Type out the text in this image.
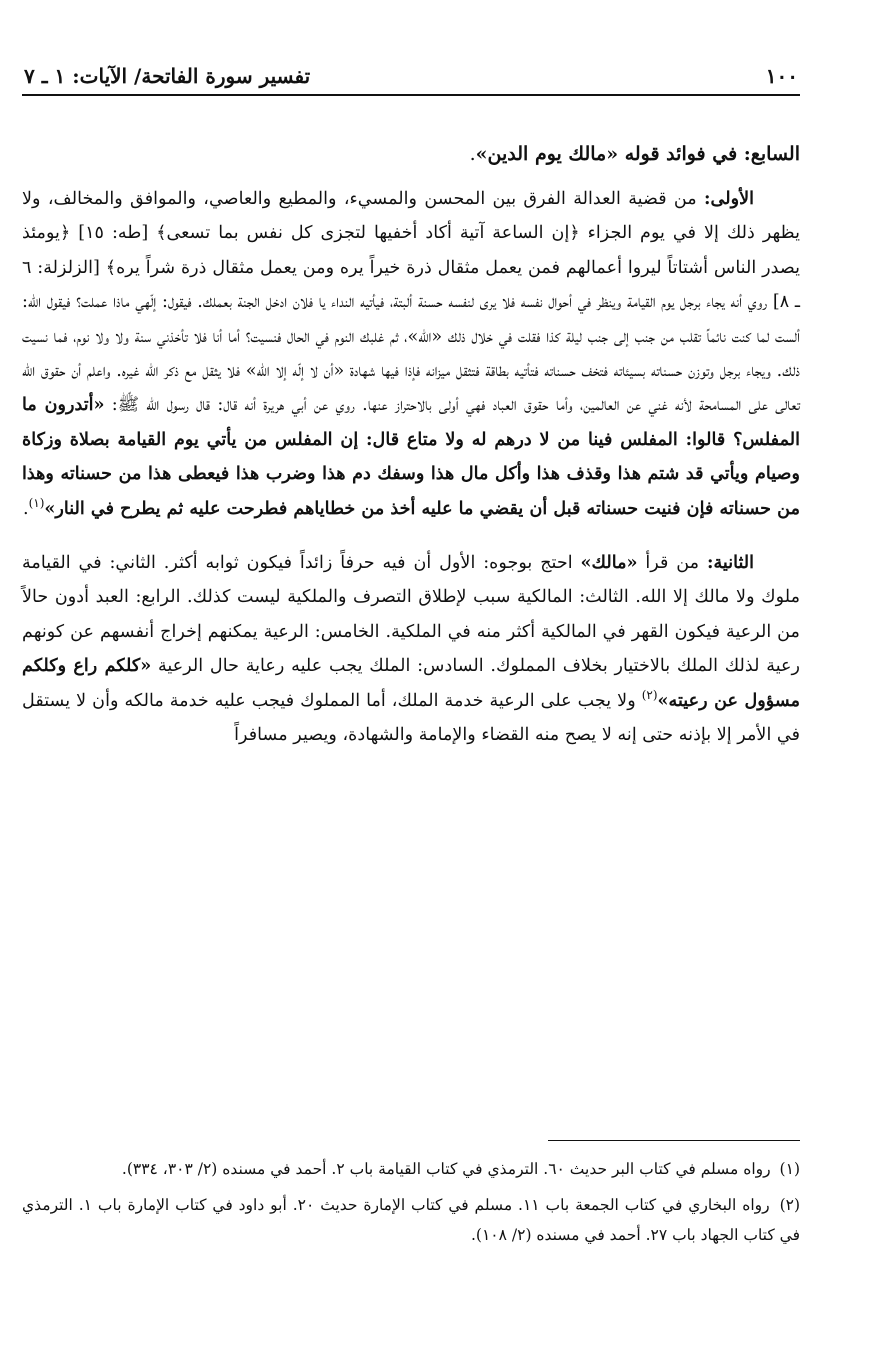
١٠٠
تفسير سورة الفاتحة/ الآيات: ١ ـ ٧
السابع: في فوائد قوله «مالك يوم الدين».

الأولى: من قضية العدالة الفرق بين المحسن والمسيء، والمطيع والعاصي، والموافق والمخالف، ولا يظهر ذلك إلا في يوم الجزاء ﴿إن الساعة آتية أكاد أخفيها لتجزى كل نفس بما تسعى﴾ [طه: ١٥] ﴿يومئذ يصدر الناس أشتاتاً ليروا أعمالهم فمن يعمل مثقال ذرة خيراً يره ومن يعمل مثقال ذرة شراً يره﴾ [الزلزلة: ٦ ـ ٨] روي أنه يجاء برجل يوم القيامة وينظر في أحوال نفسه فلا يرى لنفسه حسنة ألبتة، فيأتيه النداء يا فلان ادخل الجنة بعملك. فيقول: إلّهي ماذا عملت؟ فيقول الله: ألست لما كنت نائماً تقلب من جنب إلى جنب ليلة كذا فقلت في خلال ذلك «الله»، ثم غلبك النوم في الحال فنسيت؟ أما أنا فلا تأخذني سنة ولا ولا نوم، فما نسيت ذلك. ويجاء برجل وتوزن حسناته بسيئاته فتخف حسناته فتأتيه بطاقة فتثقل ميزانه فإذا فيها شهادة «أن لا إلّه إلا الله» فلا يثقل مع ذكر الله غيره. واعلم أن حقوق الله تعالى على المسامحة لأنه غني عن العالمين، وأما حقوق العباد فهي أولى بالاحتراز عنها. روي عن أبي هريرة أنه قال: قال رسول الله ﷺ: «أتدرون ما المفلس؟ قالوا: المفلس فينا من لا درهم له ولا متاع قال: إن المفلس من يأتي يوم القيامة بصلاة وزكاة وصيام ويأتي قد شتم هذا وقذف هذا وأكل مال هذا وسفك دم هذا وضرب هذا فيعطى هذا من حسناته وهذا من حسناته فإن فنيت حسناته قبل أن يقضي ما عليه أخذ من خطاياهم فطرحت عليه ثم يطرح في النار»$^{(١)}$.

الثانية: من قرأ «مالك» احتج بوجوه: الأول أن فيه حرفاً زائداً فيكون ثوابه أكثر. الثاني: في القيامة ملوك ولا مالك إلا الله. الثالث: المالكية سبب لإطلاق التصرف والملكية ليست كذلك. الرابع: العبد أدون حالاً من الرعية فيكون القهر في المالكية أكثر منه في الملكية. الخامس: الرعية يمكنهم إخراج أنفسهم عن كونهم رعية لذلك الملك بالاختيار بخلاف المملوك. السادس: الملك يجب عليه رعاية حال الرعية «كلكم راع وكلكم مسؤول عن رعيته»$^{(٢)}$ ولا يجب على الرعية خدمة الملك، أما المملوك فيجب عليه خدمة مالكه وأن لا يستقل في الأمر إلا بإذنه حتى إنه لا يصح منه القضاء والإمامة والشهادة، ويصير مسافراً

(١) رواه مسلم في كتاب البر حديث ٦٠. الترمذي في كتاب القيامة باب ٢. أحمد في مسنده (٢/ ٣٠٣، ٣٣٤).

(٢) رواه البخاري في كتاب الجمعة باب ١١. مسلم في كتاب الإمارة حديث ٢٠. أبو داود في كتاب الإمارة باب ١. الترمذي في كتاب الجهاد باب ٢٧. أحمد في مسنده (٢/ ١٠٨).
